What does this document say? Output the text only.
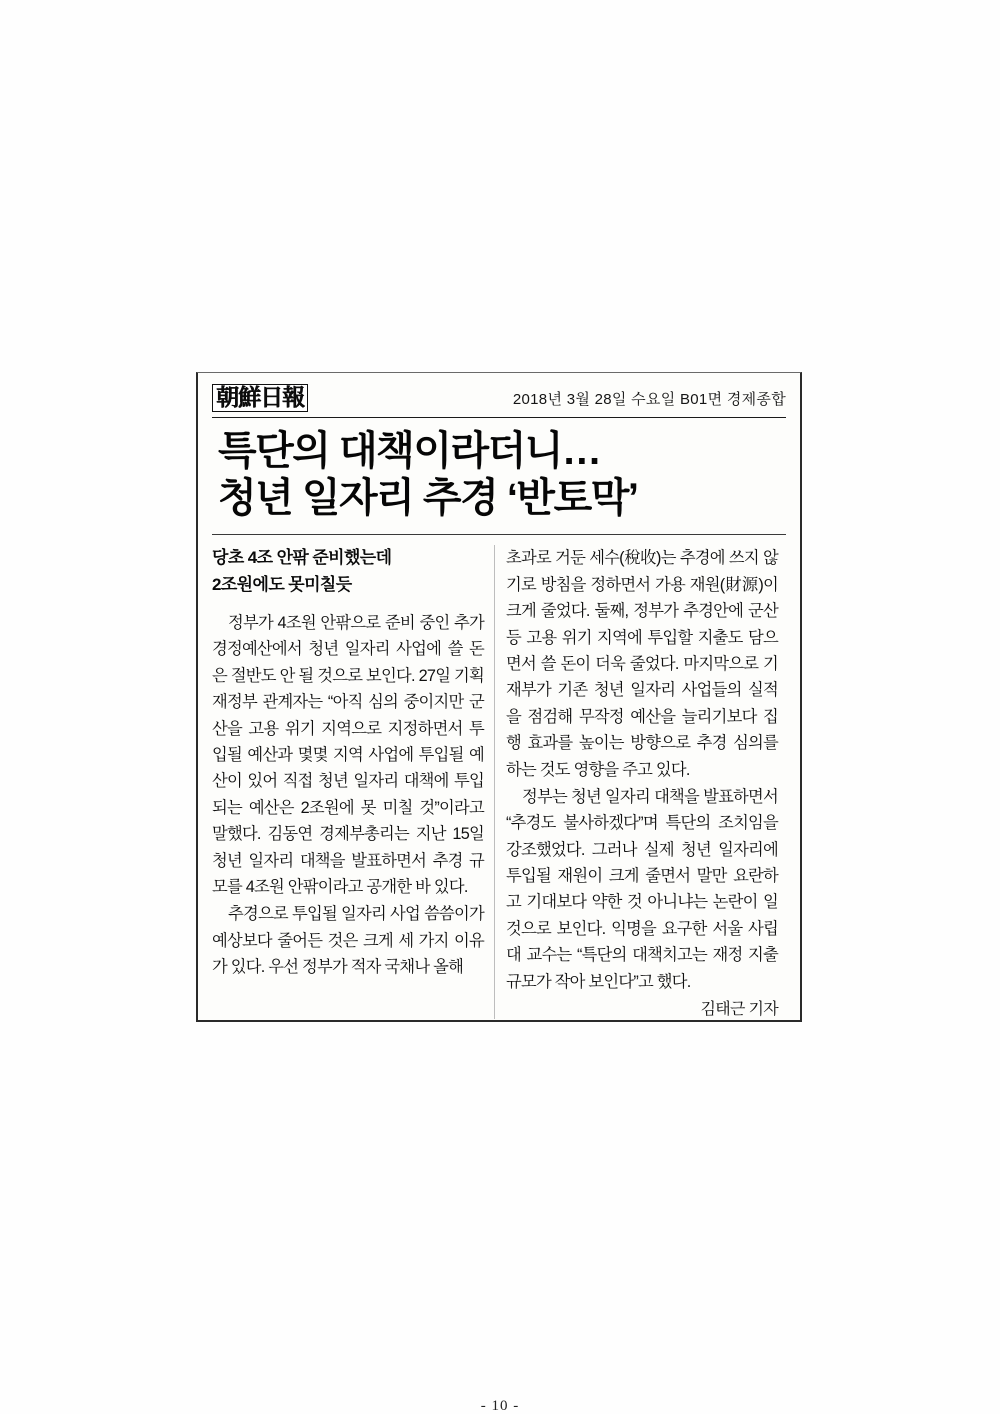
朝鮮日報	2018년 3월 28일 수요일 B01면 경제종합
특단의 대책이라더니…
청년 일자리 추경 ‘반토막’
당초 4조 안팎 준비했는데
2조원에도 못미칠듯

정부가 4조원 안팎으로 준비 중인 추가경정예산에서 청년 일자리 사업에 쓸 돈은 절반도 안 될 것으로 보인다. 27일 기획재정부 관계자는 “아직 심의 중이지만 군산을 고용 위기 지역으로 지정하면서 투입될 예산과 몇몇 지역 사업에 투입될 예산이 있어 직접 청년 일자리 대책에 투입되는 예산은 2조원에 못 미칠 것”이라고 말했다. 김동연 경제부총리는 지난 15일 청년 일자리 대책을 발표하면서 추경 규모를 4조원 안팎이라고 공개한 바 있다.

추경으로 투입될 일자리 사업 씀씀이가 예상보다 줄어든 것은 크게 세 가지 이유가 있다. 우선 정부가 적자 국채나 올해

초과로 거둔 세수(稅收)는 추경에 쓰지 않기로 방침을 정하면서 가용 재원(財源)이 크게 줄었다. 둘째, 정부가 추경안에 군산 등 고용 위기 지역에 투입할 지출도 담으면서 쓸 돈이 더욱 줄었다. 마지막으로 기재부가 기존 청년 일자리 사업들의 실적을 점검해 무작정 예산을 늘리기보다 집행 효과를 높이는 방향으로 추경 심의를 하는 것도 영향을 주고 있다.

정부는 청년 일자리 대책을 발표하면서 “추경도 불사하겠다”며 특단의 조치임을 강조했었다. 그러나 실제 청년 일자리에 투입될 재원이 크게 줄면서 말만 요란하고 기대보다 약한 것 아니냐는 논란이 일 것으로 보인다. 익명을 요구한 서울 사립대 교수는 “특단의 대책치고는 재정 지출 규모가 작아 보인다”고 했다.

김태근 기자
- 10 -
